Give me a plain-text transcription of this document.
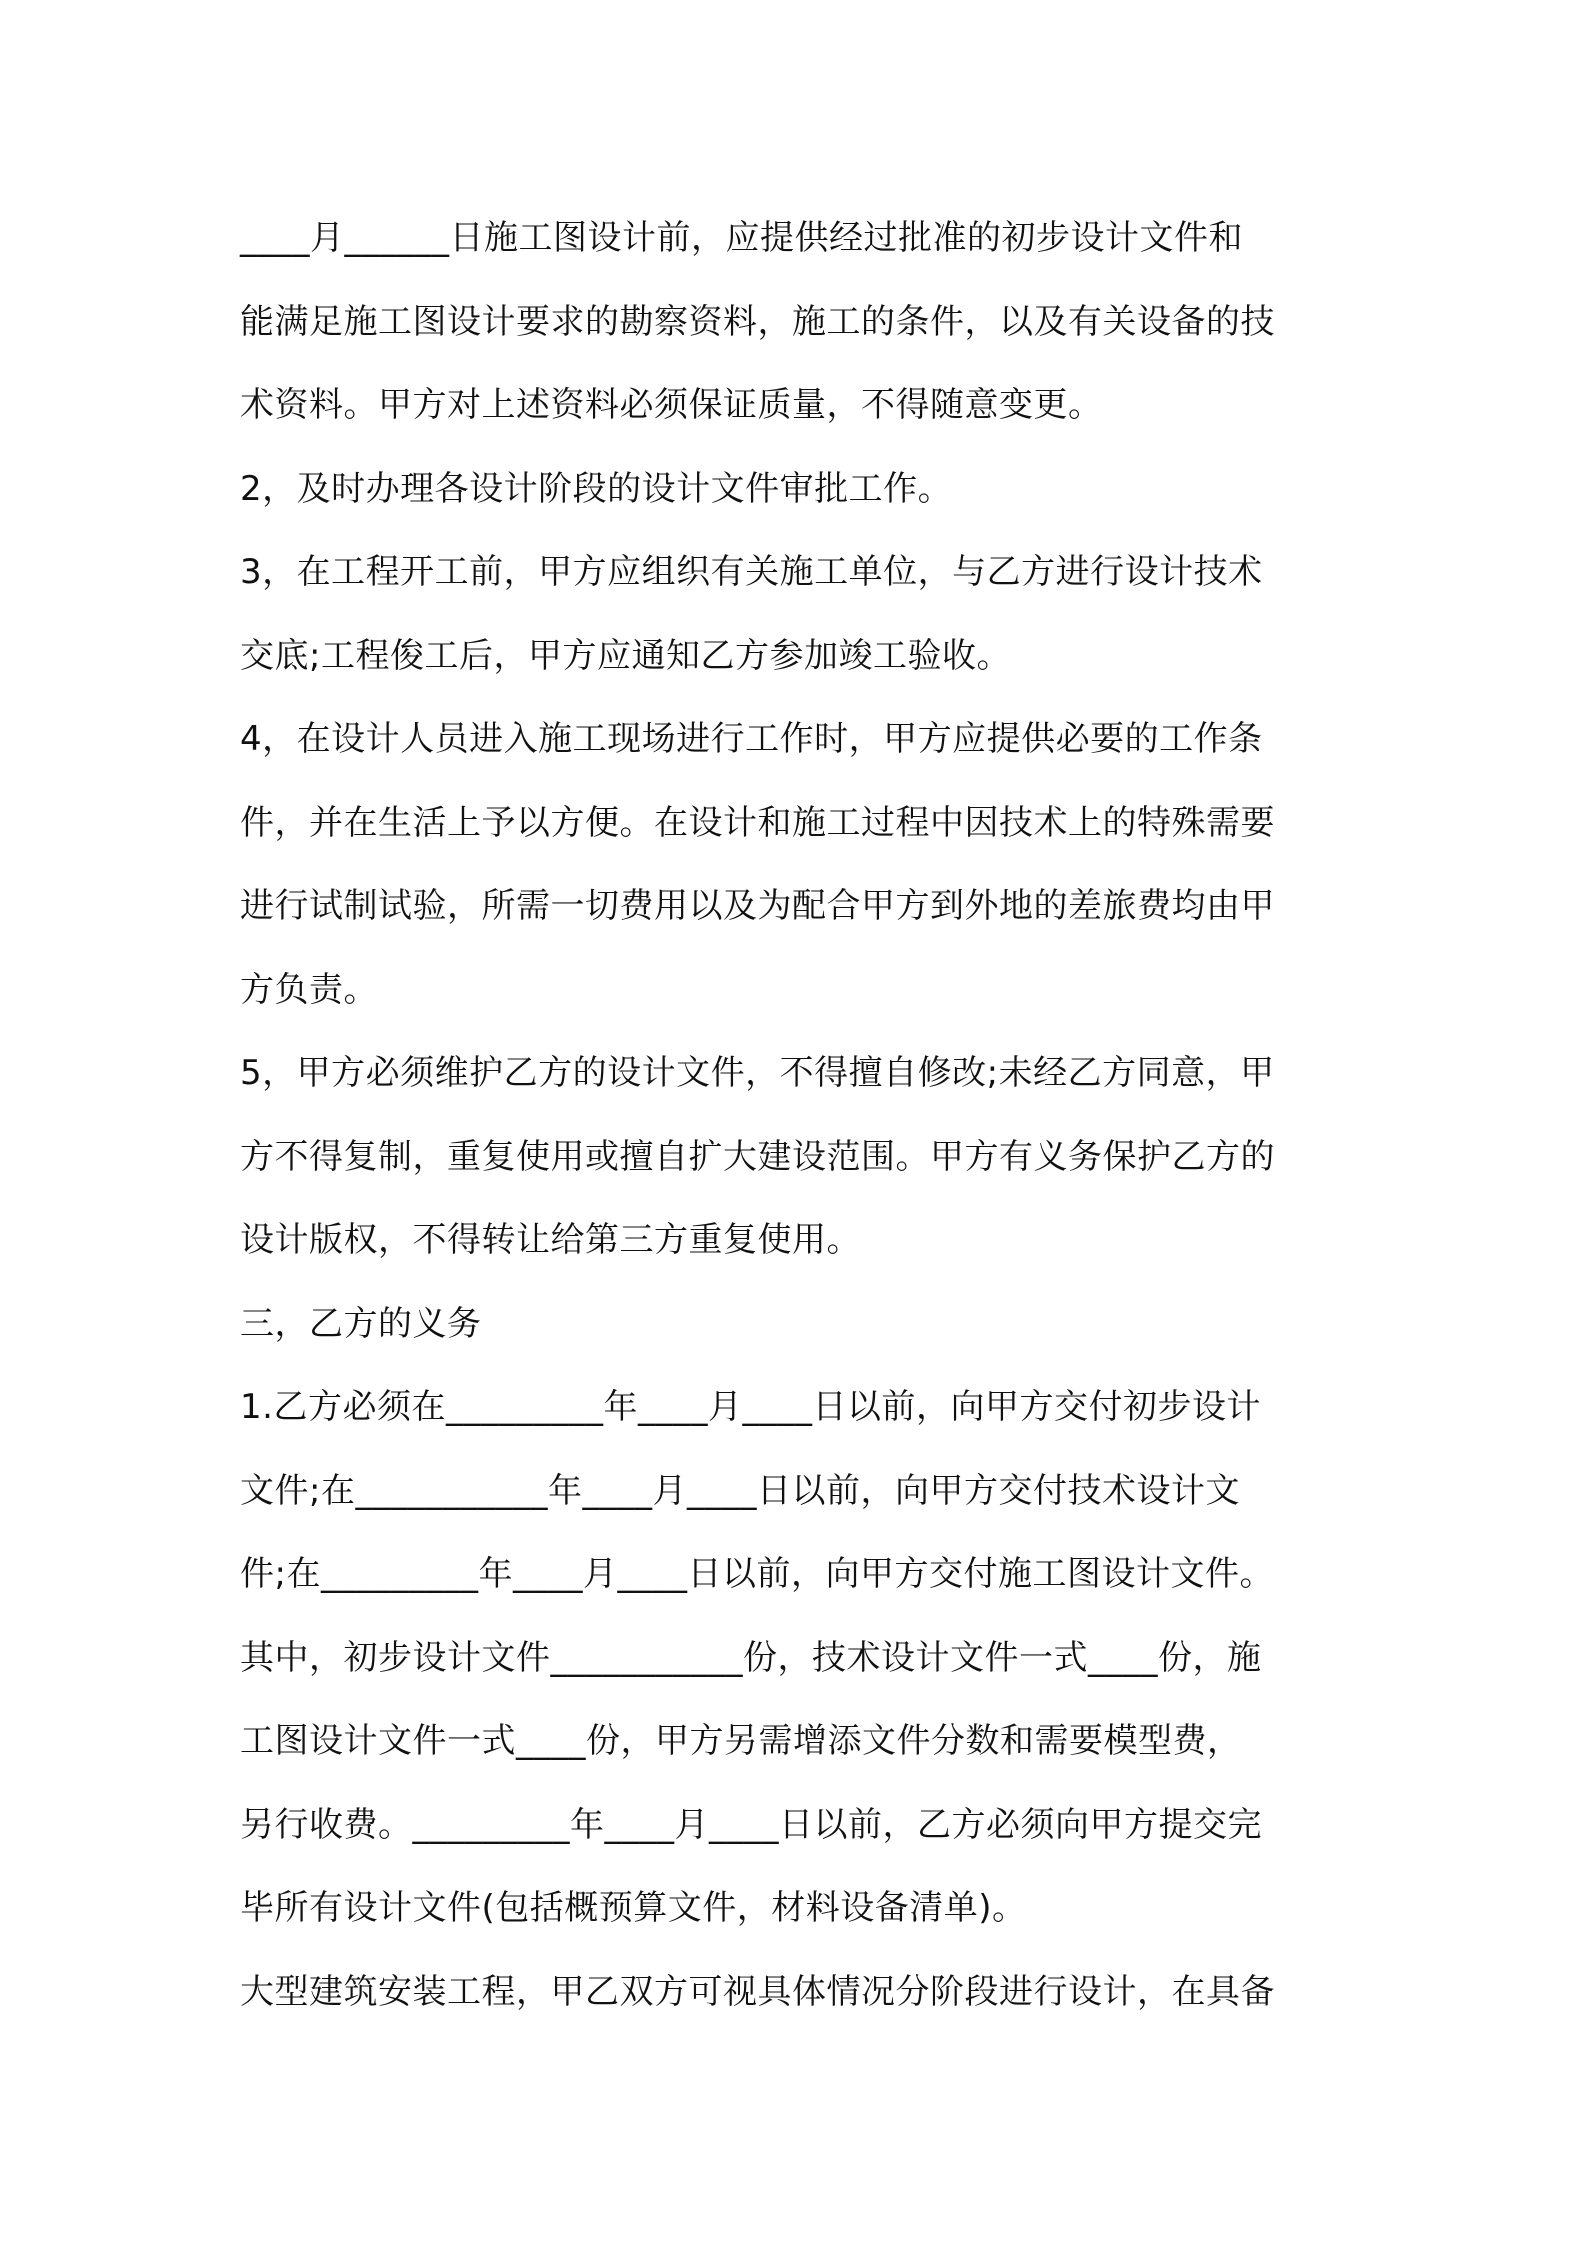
____月______日施工图设计前，应提供经过批准的初步设计文件和
能满足施工图设计要求的勘察资料，施工的条件，以及有关设备的技
术资料。甲方对上述资料必须保证质量，不得随意变更。
2，及时办理各设计阶段的设计文件审批工作。
3，在工程开工前，甲方应组织有关施工单位，与乙方进行设计技术
交底;工程俊工后，甲方应通知乙方参加竣工验收。
4，在设计人员进入施工现场进行工作时，甲方应提供必要的工作条
件，并在生活上予以方便。在设计和施工过程中因技术上的特殊需要
进行试制试验，所需一切费用以及为配合甲方到外地的差旅费均由甲
方负责。
5，甲方必须维护乙方的设计文件，不得擅自修改;未经乙方同意，甲
方不得复制，重复使用或擅自扩大建设范围。甲方有义务保护乙方的
设计版权，不得转让给第三方重复使用。
三，乙方的义务
1.乙方必须在_________年____月____日以前，向甲方交付初步设计
文件;在___________年____月____日以前，向甲方交付技术设计文
件;在_________年____月____日以前，向甲方交付施工图设计文件。
其中，初步设计文件___________份，技术设计文件一式____份，施
工图设计文件一式____份，甲方另需增添文件分数和需要模型费，
另行收费。_________年____月____日以前，乙方必须向甲方提交完
毕所有设计文件(包括概预算文件，材料设备清单)。
大型建筑安装工程，甲乙双方可视具体情况分阶段进行设计，在具备
